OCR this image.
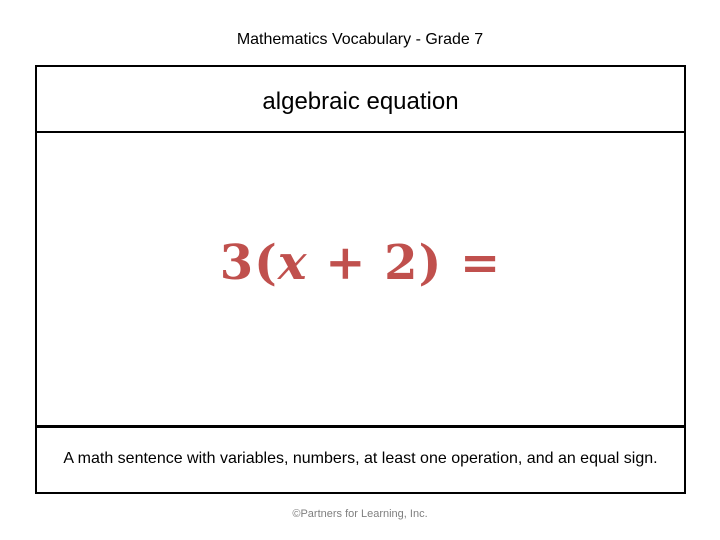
Mathematics Vocabulary - Grade 7
algebraic equation
3(x + 2) =
A math sentence with variables, numbers, at least one operation, and an equal sign.
©Partners for Learning, Inc.
